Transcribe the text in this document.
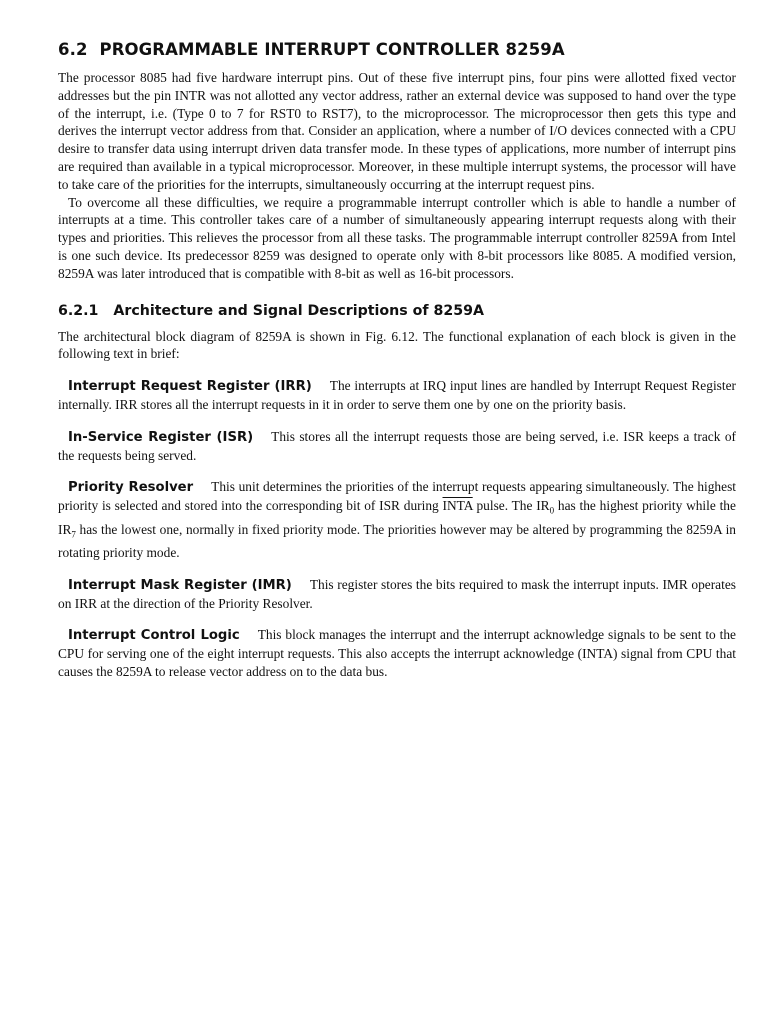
6.2 PROGRAMMABLE INTERRUPT CONTROLLER 8259A

The processor 8085 had five hardware interrupt pins. Out of these five interrupt pins, four pins were allotted fixed vector addresses but the pin INTR was not allotted any vector address, rather an external device was supposed to hand over the type of the interrupt, i.e. (Type 0 to 7 for RST0 to RST7), to the microprocessor. The microprocessor then gets this type and derives the interrupt vector address from that. Consider an application, where a number of I/O devices connected with a CPU desire to transfer data using interrupt driven data transfer mode. In these types of applications, more number of interrupt pins are required than available in a typical microprocessor. Moreover, in these multiple interrupt systems, the processor will have to take care of the priorities for the interrupts, simultaneously occurring at the interrupt request pins.

To overcome all these difficulties, we require a programmable interrupt controller which is able to handle a number of interrupts at a time. This controller takes care of a number of simultaneously appearing interrupt requests along with their types and priorities. This relieves the processor from all these tasks. The programmable interrupt controller 8259A from Intel is one such device. Its predecessor 8259 was designed to operate only with 8-bit processors like 8085. A modified version, 8259A was later introduced that is compatible with 8-bit as well as 16-bit processors.

6.2.1 Architecture and Signal Descriptions of 8259A

The architectural block diagram of 8259A is shown in Fig. 6.12. The functional explanation of each block is given in the following text in brief:

Interrupt Request Register (IRR) The interrupts at IRQ input lines are handled by Interrupt Request Register internally. IRR stores all the interrupt requests in it in order to serve them one by one on the priority basis.

In-Service Register (ISR) This stores all the interrupt requests those are being served, i.e. ISR keeps a track of the requests being served.

Priority Resolver This unit determines the priorities of the interrupt requests appearing simultaneously. The highest priority is selected and stored into the corresponding bit of ISR during INTA pulse. The $IR_0$ has the highest priority while the $IR_7$ has the lowest one, normally in fixed priority mode. The priorities however may be altered by programming the 8259A in rotating priority mode.

Interrupt Mask Register (IMR) This register stores the bits required to mask the interrupt inputs. IMR operates on IRR at the direction of the Priority Resolver.

Interrupt Control Logic This block manages the interrupt and the interrupt acknowledge signals to be sent to the CPU for serving one of the eight interrupt requests. This also accepts the interrupt acknowledge (INTA) signal from CPU that causes the 8259A to release vector address on to the data bus.
